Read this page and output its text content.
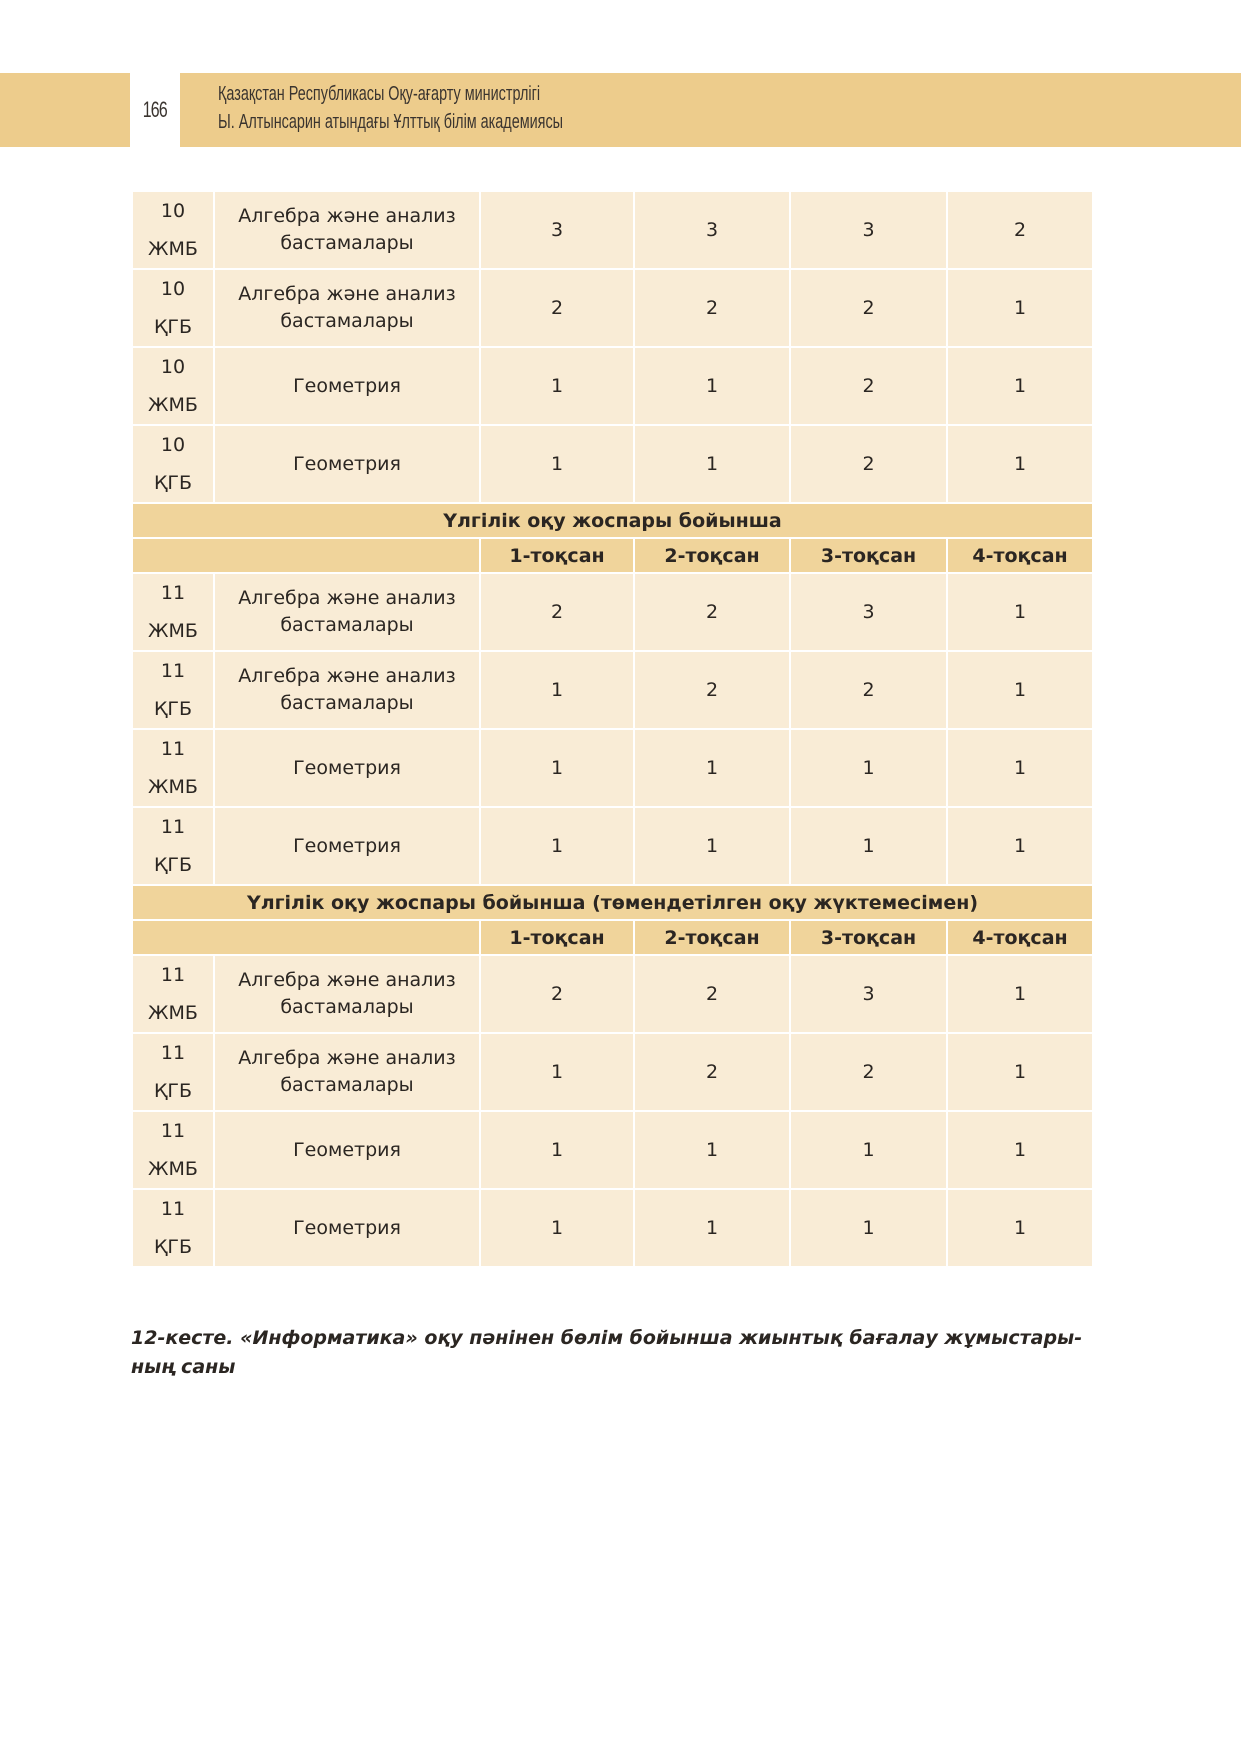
166
Қазақстан Республикасы Оқу-ағарту министрлігі
Ы. Алтынсарин атындағы Ұлттық білім академиясы
10
ЖМБ	Алгебра және анализ бастамалары	3	3	3	2

10
ҚГБ	Алгебра және анализ бастамалары	2	2	2	1

10
ЖМБ	Геометрия	1	1	2	1

10
ҚГБ	Геометрия	1	1	2	1
Үлгілік оқу жоспары бойынша					
		1-тоқсан	2-тоқсан	3-тоқсан	4-тоқсан

11
ЖМБ	Алгебра және анализ бастамалары	2	2	3	1

11
ҚГБ	Алгебра және анализ бастамалары	1	2	2	1

11
ЖМБ	Геометрия	1	1	1	1

11
ҚГБ	Геометрия	1	1	1	1
Үлгілік оқу жоспары бойынша (төмендетілген оқу жүктемесімен)					
		1-тоқсан	2-тоқсан	3-тоқсан	4-тоқсан

11
ЖМБ	Алгебра және анализ бастамалары	2	2	3	1

11
ҚГБ	Алгебра және анализ бастамалары	1	2	2	1

11
ЖМБ	Геометрия	1	1	1	1

11
ҚГБ	Геометрия	1	1	1	1
12-кесте. «Информатика» оқу пәнінен бөлім бойынша жиынтық бағалау жұмыстары-ның саны
